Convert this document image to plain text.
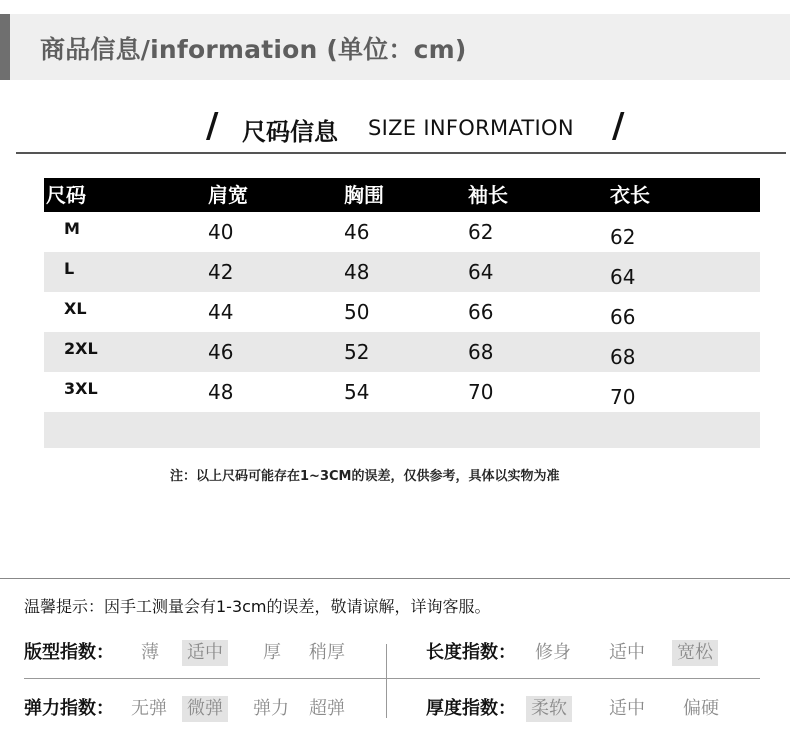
商品信息/information (单位：cm)
/ 尺码信息 SIZE INFORMATION /
尺码	肩宽	胸围	袖长	衣长
M	40	46	62	62
L	42	48	64	64
XL	44	50	66	66
2XL	46	52	68	68
3XL	48	54	70	70
注：以上尺码可能存在1~3CM的误差，仅供参考，具体以实物为准
温馨提示：因手工测量会有1-3cm的误差，敬请谅解，详询客服。
版型指数： 薄 适中 厚 稍厚	长度指数： 修身 适中 宽松
弹力指数： 无弹 微弹 弹力 超弹	厚度指数： 柔软 适中 偏硬
